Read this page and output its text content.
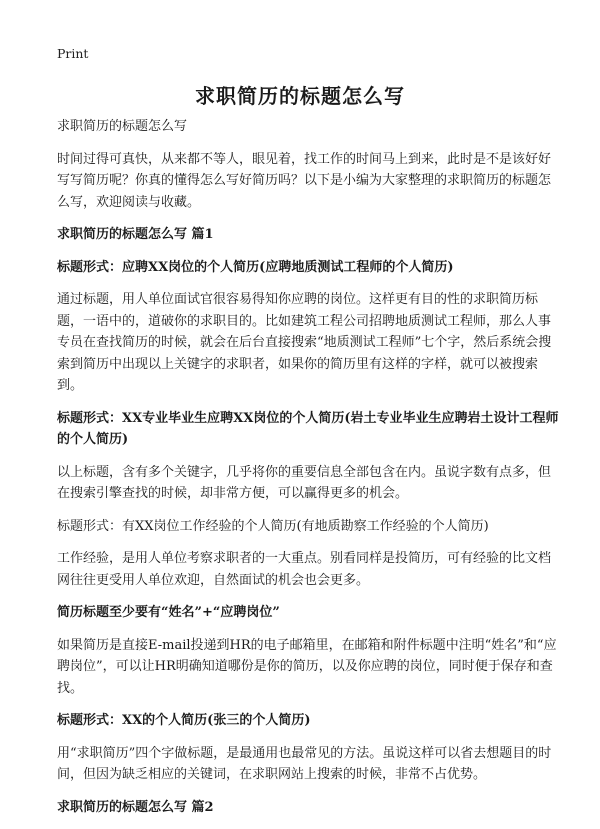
Print
求职简历的标题怎么写

求职简历的标题怎么写

时间过得可真快，从来都不等人，眼见着，找工作的时间马上到来，此时是不是该好好写写简历呢？你真的懂得怎么写好简历吗？以下是小编为大家整理的求职简历的标题怎么写，欢迎阅读与收藏。

求职简历的标题怎么写 篇1

标题形式：应聘XX岗位的个人简历(应聘地质测试工程师的个人简历)

通过标题，用人单位面试官很容易得知你应聘的岗位。这样更有目的性的求职简历标题，一语中的，道破你的求职目的。比如建筑工程公司招聘地质测试工程师，那么人事专员在查找简历的时候，就会在后台直接搜索“地质测试工程师”七个字，然后系统会搜索到简历中出现以上关键字的求职者，如果你的简历里有这样的字样，就可以被搜索到。

标题形式：XX专业毕业生应聘XX岗位的个人简历(岩土专业毕业生应聘岩土设计工程师的个人简历)

以上标题，含有多个关键字，几乎将你的重要信息全部包含在内。虽说字数有点多，但在搜索引擎查找的时候，却非常方便，可以赢得更多的机会。

标题形式：有XX岗位工作经验的个人简历(有地质勘察工作经验的个人简历)

工作经验，是用人单位考察求职者的一大重点。别看同样是投简历，可有经验的比文档网往往更受用人单位欢迎，自然面试的机会也会更多。

简历标题至少要有“姓名”+“应聘岗位”

如果简历是直接E-mail投递到HR的电子邮箱里，在邮箱和附件标题中注明“姓名”和“应聘岗位”，可以让HR明确知道哪份是你的简历，以及你应聘的岗位，同时便于保存和查找。

标题形式：XX的个人简历(张三的个人简历)

用“求职简历”四个字做标题，是最通用也最常见的方法。虽说这样可以省去想题目的时间，但因为缺乏相应的关键词，在求职网站上搜索的时候，非常不占优势。

求职简历的标题怎么写 篇2
